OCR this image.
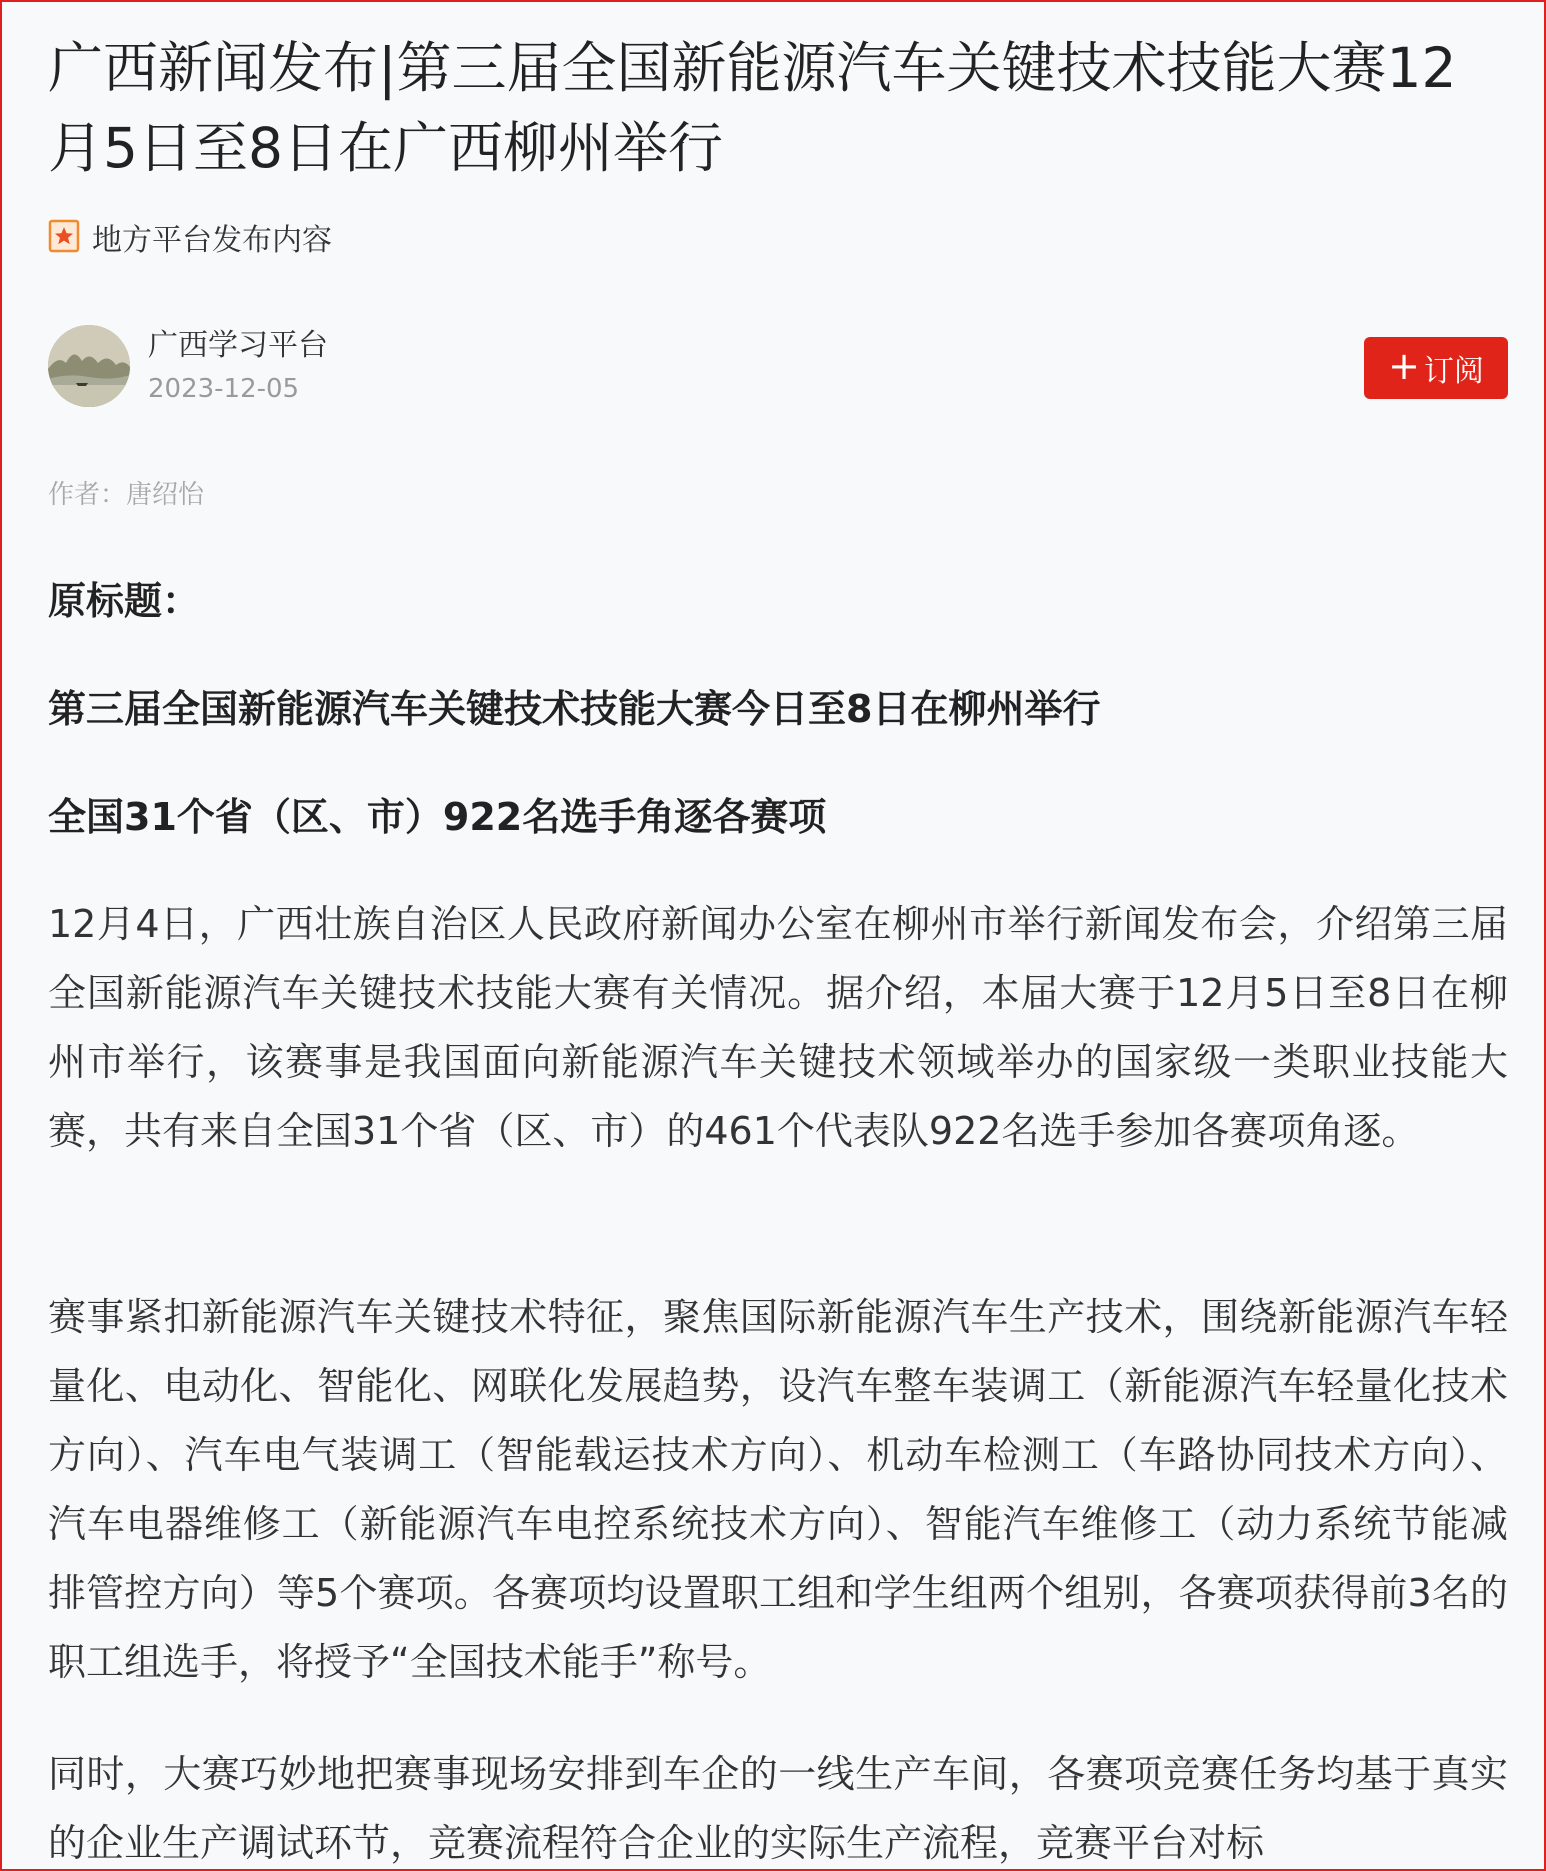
广西新闻发布|第三届全国新能源汽车关键技术技能大赛12月5日至8日在广西柳州举行
地方平台发布内容
广西学习平台
2023-12-05
+ 订阅
作者：唐绍怡
原标题：
第三届全国新能源汽车关键技术技能大赛今日至8日在柳州举行
全国31个省（区、市）922名选手角逐各赛项

12月4日，广西壮族自治区人民政府新闻办公室在柳州市举行新闻发布会，介绍第三届全国新能源汽车关键技术技能大赛有关情况。据介绍，本届大赛于12月5日至8日在柳州市举行，该赛事是我国面向新能源汽车关键技术领域举办的国家级一类职业技能大赛，共有来自全国31个省（区、市）的461个代表队922名选手参加各赛项角逐。

赛事紧扣新能源汽车关键技术特征，聚焦国际新能源汽车生产技术，围绕新能源汽车轻量化、电动化、智能化、网联化发展趋势，设汽车整车装调工（新能源汽车轻量化技术方向）、汽车电气装调工（智能载运技术方向）、机动车检测工（车路协同技术方向）、汽车电器维修工（新能源汽车电控系统技术方向）、智能汽车维修工（动力系统节能减排管控方向）等5个赛项。各赛项均设置职工组和学生组两个组别，各赛项获得前3名的职工组选手，将授予“全国技术能手”称号。

同时，大赛巧妙地把赛事现场安排到车企的一线生产车间，各赛项竞赛任务均基于真实的企业生产调试环节，竞赛流程符合企业的实际生产流程，竞赛平台对标
